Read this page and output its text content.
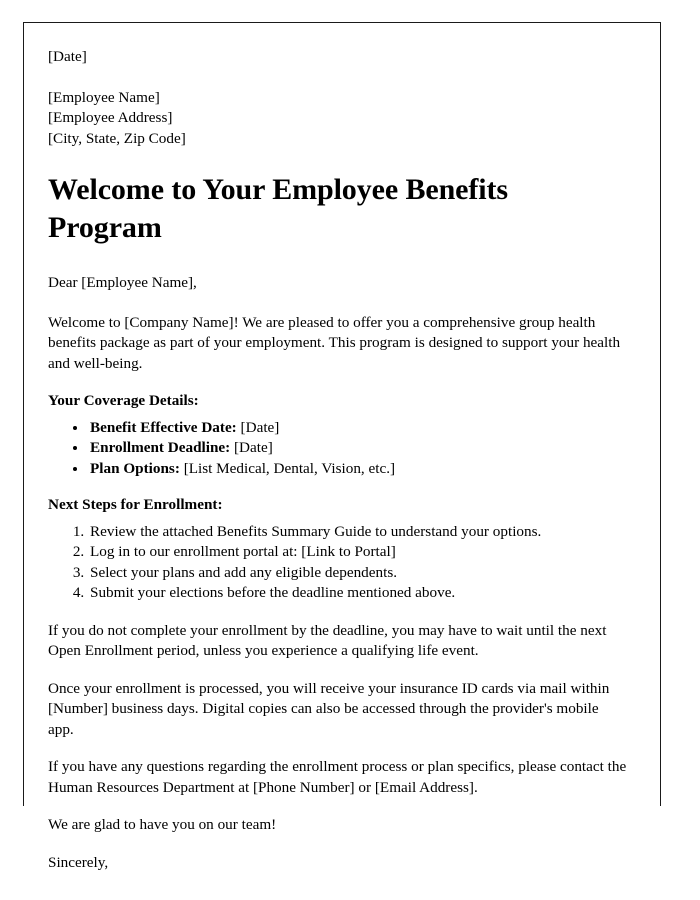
[Date]
[Employee Name]
[Employee Address]
[City, State, Zip Code]
Welcome to Your Employee Benefits Program

Dear [Employee Name],

Welcome to [Company Name]! We are pleased to offer you a comprehensive group health benefits package as part of your employment. This program is designed to support your health and well-being.

Your Coverage Details:
• Benefit Effective Date: [Date]
• Enrollment Deadline: [Date]
• Plan Options: [List Medical, Dental, Vision, etc.]
Next Steps for Enrollment:
1. Review the attached Benefits Summary Guide to understand your options.
2. Log in to our enrollment portal at: [Link to Portal]
3. Select your plans and add any eligible dependents.
4. Submit your elections before the deadline mentioned above.

If you do not complete your enrollment by the deadline, you may have to wait until the next Open Enrollment period, unless you experience a qualifying life event.

Once your enrollment is processed, you will receive your insurance ID cards via mail within [Number] business days. Digital copies can also be accessed through the provider's mobile app.

If you have any questions regarding the enrollment process or plan specifics, please contact the Human Resources Department at [Phone Number] or [Email Address].

We are glad to have you on our team!

Sincerely,
